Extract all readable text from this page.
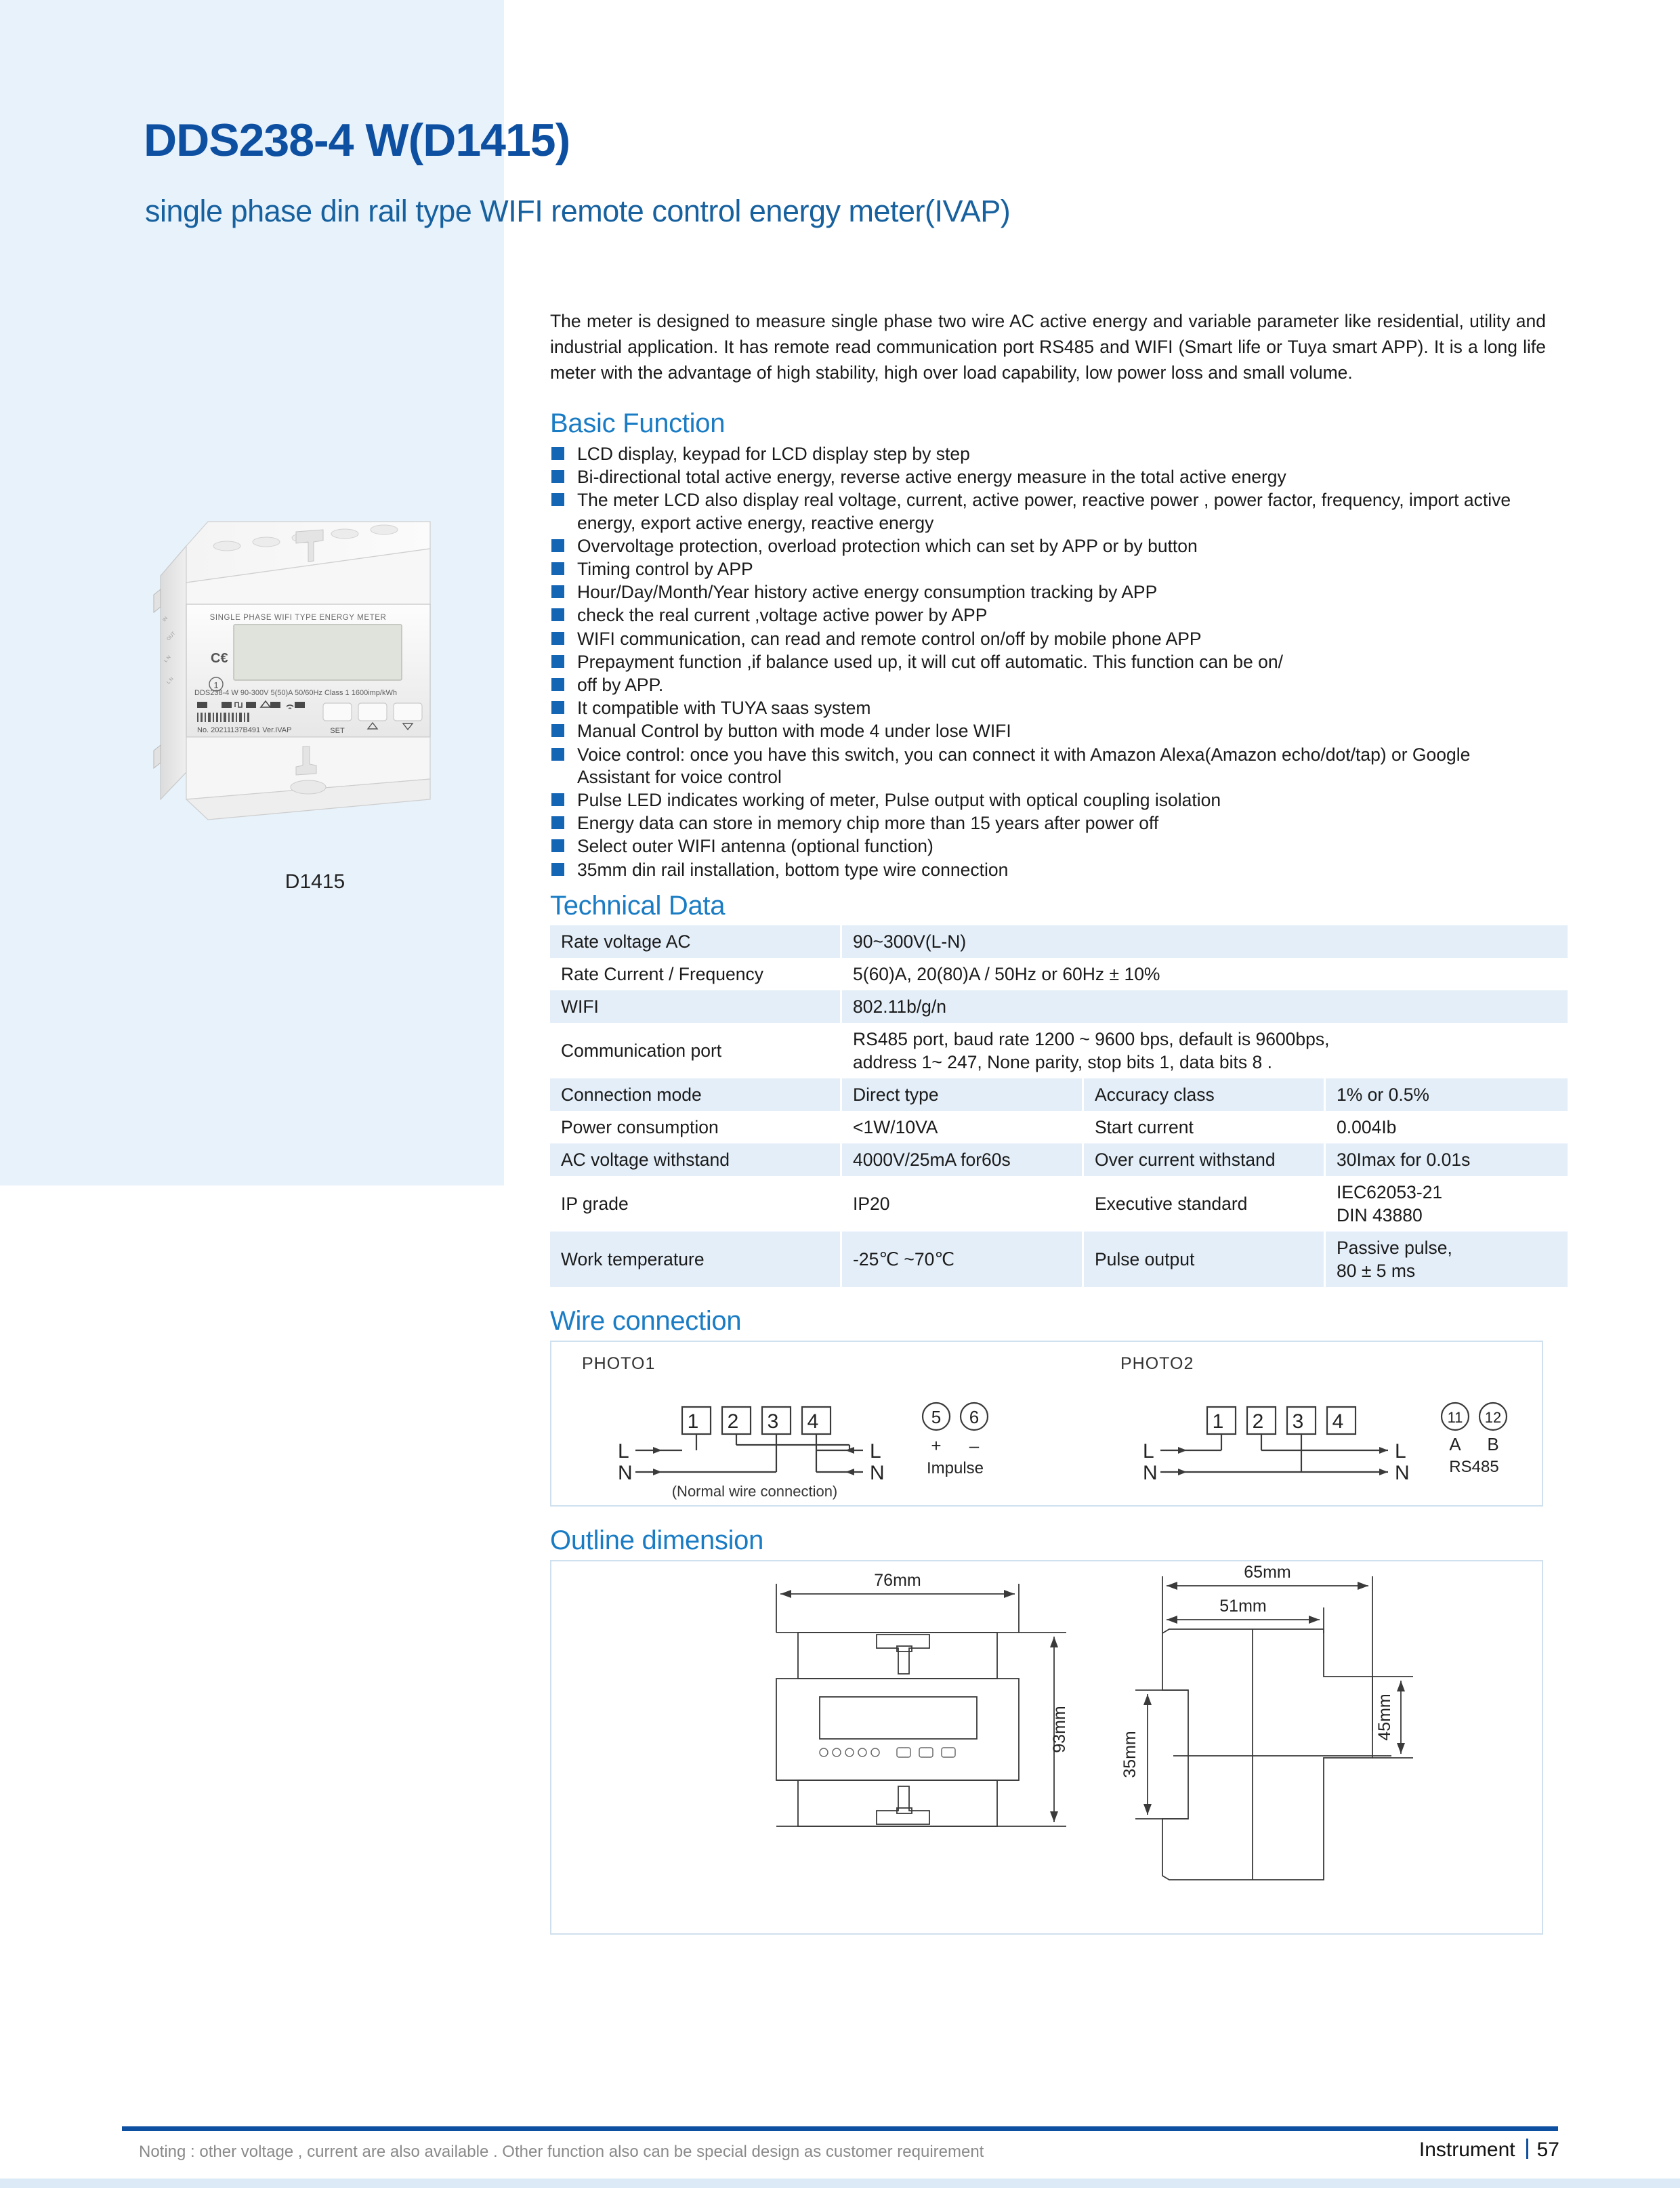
DDS238-4 W(D1415)
single phase din rail type WIFI remote control energy meter(IVAP)
SINGLE PHASE WIFI TYPE ENERGY METER
C€
1
DDS238-4 W 90-300V 5(50)A 50/60Hz Class 1 1600imp/kWh
No. 20211137B491 Ver.IVAP	SET
IN
OUT
L N
L N
D1415

The meter is designed to measure single phase two wire AC active energy and variable parameter like residential, utility and industrial application. It has remote read communication port RS485 and WIFI (Smart life or Tuya smart APP). It is a long life meter with the advantage of high stability, high over load capability, low power loss and small volume.

Basic Function
LCD display, keypad for LCD display step by step
Bi-directional total active energy, reverse active energy measure in the total active energy
The meter LCD also display real voltage, current, active power, reactive power , power factor, frequency, import active energy, export active energy, reactive energy
Overvoltage protection, overload protection which can set by APP or by button
Timing control by APP
Hour/Day/Month/Year history active energy consumption tracking by APP
check the real current ,voltage active power by APP
WIFI communication, can read and remote control on/off by mobile phone APP
Prepayment function ,if balance used up, it will cut off automatic. This function can be on/
off by APP.
It compatible with TUYA saas system
Manual Control by button with mode 4 under lose WIFI
Voice control: once you have this switch, you can connect it with Amazon Alexa(Amazon echo/dot/tap) or Google Assistant for voice control
Pulse LED indicates working of meter, Pulse output with optical coupling isolation
Energy data can store in memory chip more than 15 years after power off
Select outer WIFI antenna (optional function)
35mm din rail installation, bottom type wire connection
Technical Data
Rate voltage AC	90~300V(L-N)		
Rate Current / Frequency	5(60)A, 20(80)A / 50Hz or 60Hz ± 10%		
WIFI	802.11b/g/n		
Communication port	RS485 port, baud rate 1200 ~ 9600 bps, default is 9600bps,
address 1~ 247, None parity, stop bits 1, data bits 8 .		

Connection mode	Direct type	Accuracy class	1% or 0.5%
Power consumption	<1W/10VA	Start current	0.004Ib
AC voltage withstand	4000V/25mA for60s	Over current withstand	30Imax for 0.01s
IP grade	IP20	Executive standard	IEC62053-21
DIN 43880

Work temperature	-25℃ ~70℃	Pulse output	Passive pulse,
80 ± 5 ms
Wire connection
PHOTO1
1 2 3 4
L
N
L
N
(Normal wire connection)
5 6
+ –
Impulse
PHOTO2
1 2 3 4
L
N
L
N
11 12
A B
RS485
Outline dimension
76mm
93mm
65mm
51mm
35mm
45mm
Noting : other voltage , current are also available . Other function also can be special design as customer requirement	Instrument 57
